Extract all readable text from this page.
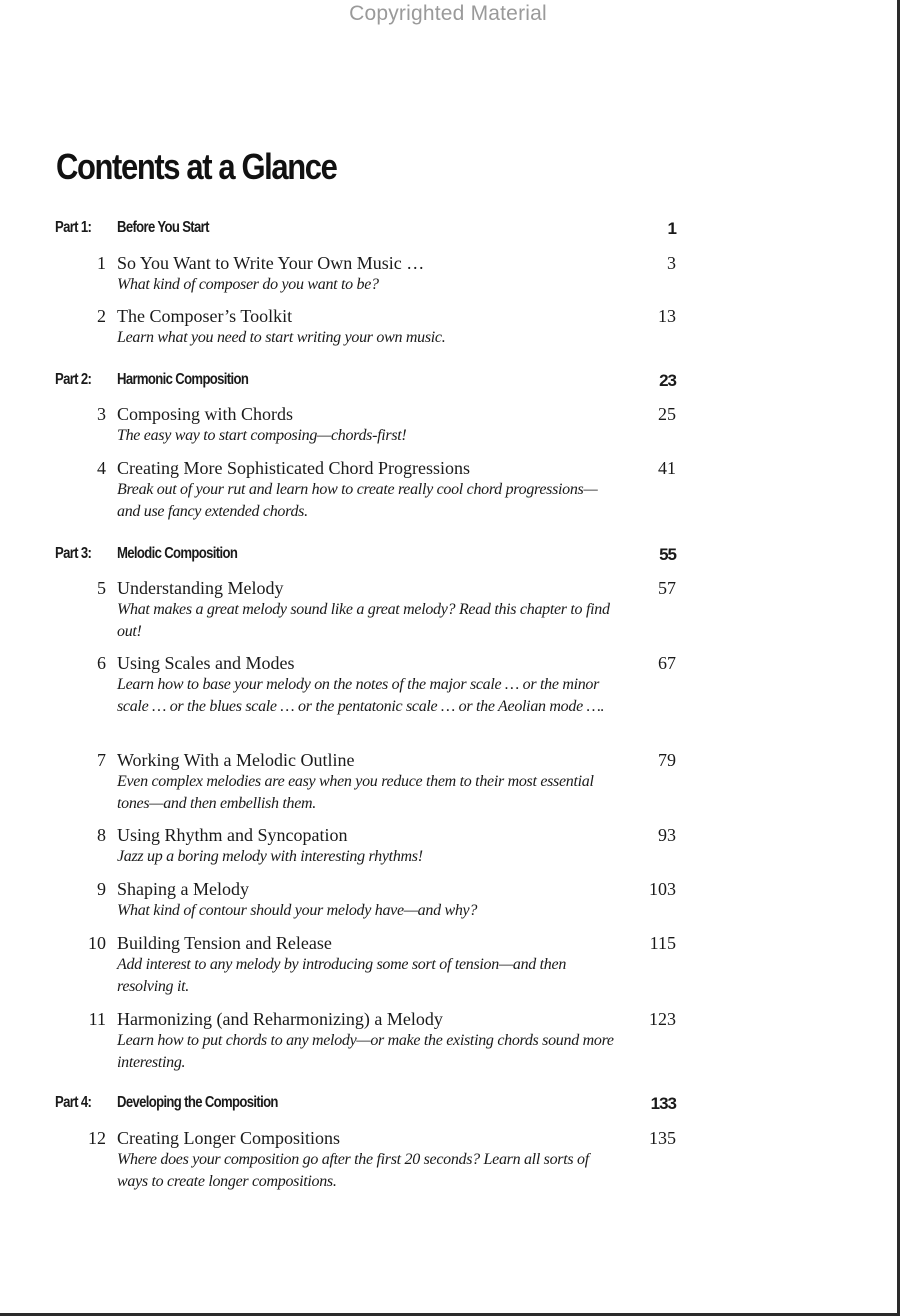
Copyrighted Material
Contents at a Glance
Part 1: Before You Start	1
1 So You Want to Write Your Own Music …	3
What kind of composer do you want to be?
2 The Composer’s Toolkit	13
Learn what you need to start writing your own music.
Part 2: Harmonic Composition	23
3 Composing with Chords	25
The easy way to start composing—chords-first!
4 Creating More Sophisticated Chord Progressions	41
Break out of your rut and learn how to create really cool chord progressions—and use fancy extended chords.
Part 3: Melodic Composition	55
5 Understanding Melody	57
What makes a great melody sound like a great melody? Read this chapter to find out!
6 Using Scales and Modes	67
Learn how to base your melody on the notes of the major scale … or the minor scale … or the blues scale … or the pentatonic scale … or the Aeolian mode ….
7 Working With a Melodic Outline	79
Even complex melodies are easy when you reduce them to their most essential tones—and then embellish them.
8 Using Rhythm and Syncopation	93
Jazz up a boring melody with interesting rhythms!
9 Shaping a Melody	103
What kind of contour should your melody have—and why?
10 Building Tension and Release	115
Add interest to any melody by introducing some sort of tension—and then resolving it.
11 Harmonizing (and Reharmonizing) a Melody	123
Learn how to put chords to any melody—or make the existing chords sound more interesting.
Part 4: Developing the Composition	133
12 Creating Longer Compositions	135
Where does your composition go after the first 20 seconds? Learn all sorts of ways to create longer compositions.
